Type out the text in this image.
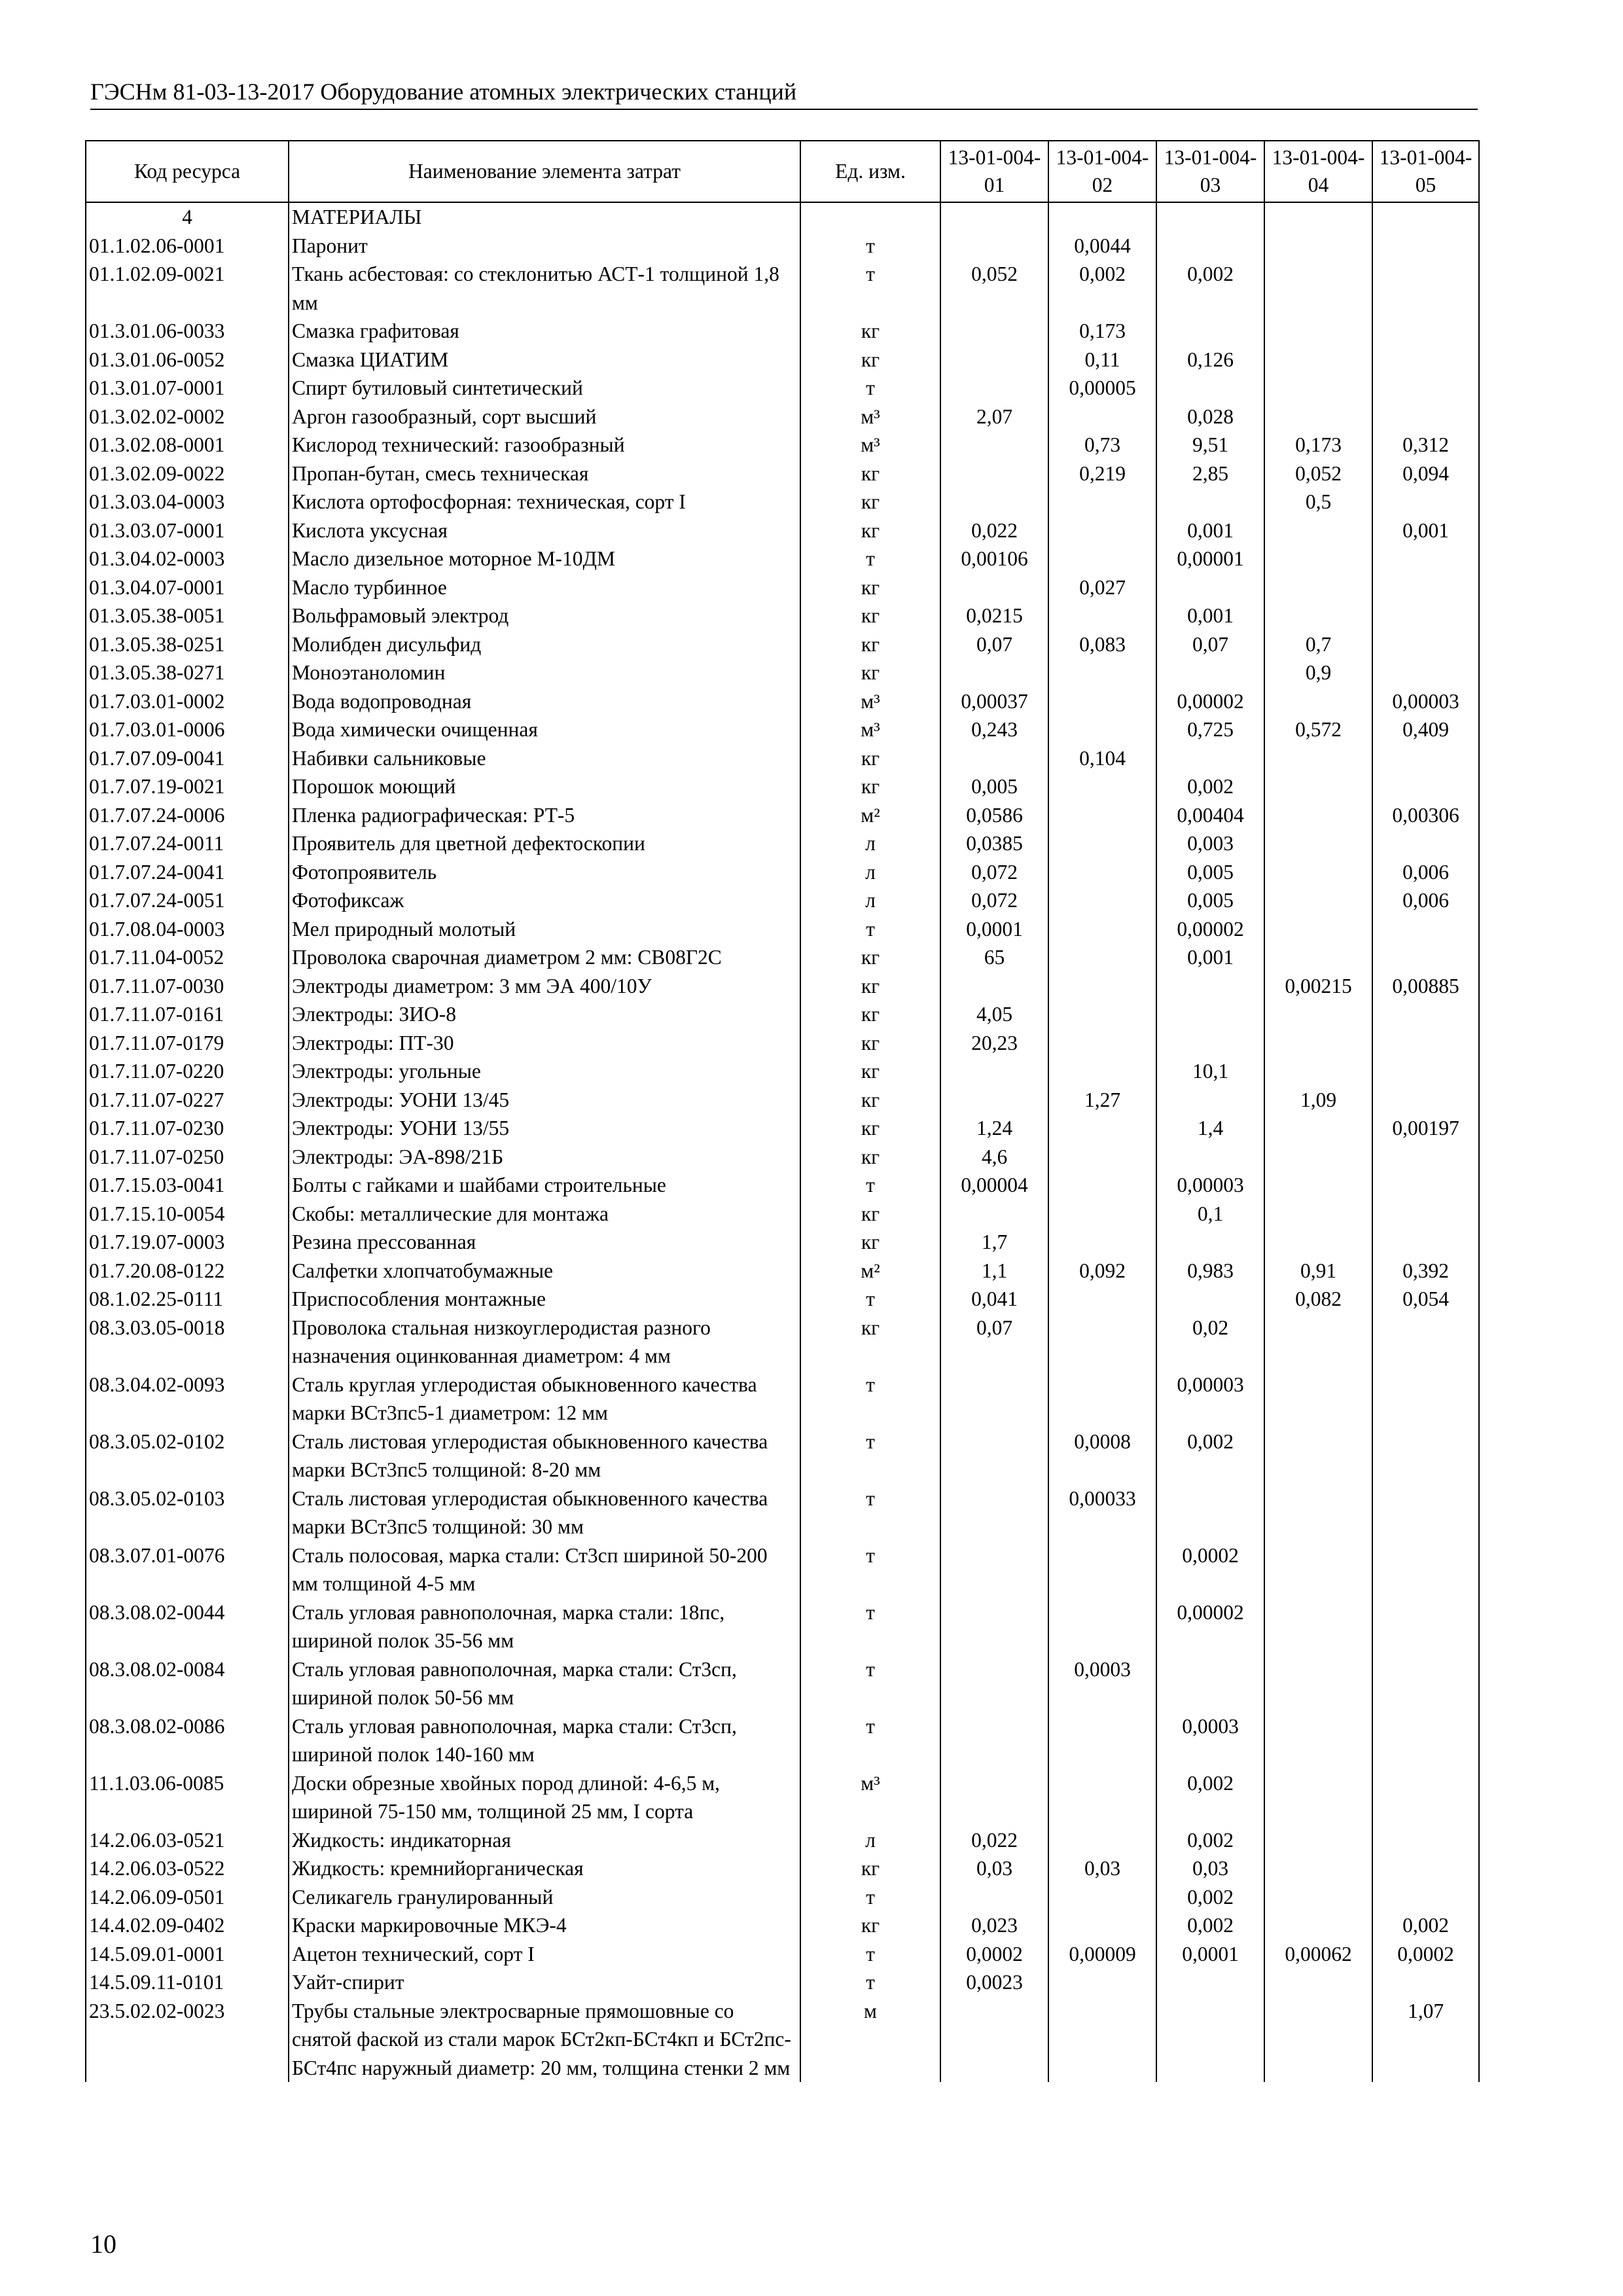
ГЭСНм 81-03-13-2017 Оборудование атомных электрических станций
Код ресурса	Наименование элемента затрат	Ед. изм.	13-01-004-01	13-01-004-02	13-01-004-03	13-01-004-04	13-01-004-05
4	МАТЕРИАЛЫ						
01.1.02.06-0001	Паронит	т		0,0044			
01.1.02.09-0021	Ткань асбестовая: со стеклонитью АСТ-1 толщиной 1,8 мм	т	0,052	0,002	0,002		
01.3.01.06-0033	Смазка графитовая	кг		0,173			
01.3.01.06-0052	Смазка ЦИАТИМ	кг		0,11	0,126		
01.3.01.07-0001	Спирт бутиловый синтетический	т		0,00005			
01.3.02.02-0002	Аргон газообразный, сорт высший	м³	2,07		0,028		
01.3.02.08-0001	Кислород технический: газообразный	м³		0,73	9,51	0,173	0,312
01.3.02.09-0022	Пропан-бутан, смесь техническая	кг		0,219	2,85	0,052	0,094
01.3.03.04-0003	Кислота ортофосфорная: техническая, сорт I	кг				0,5	
01.3.03.07-0001	Кислота уксусная	кг	0,022		0,001		0,001
01.3.04.02-0003	Масло дизельное моторное М-10ДМ	т	0,00106		0,00001		
01.3.04.07-0001	Масло турбинное	кг		0,027			
01.3.05.38-0051	Вольфрамовый электрод	кг	0,0215		0,001		
01.3.05.38-0251	Молибден дисульфид	кг	0,07	0,083	0,07	0,7	
01.3.05.38-0271	Моноэтаноломин	кг				0,9	
01.7.03.01-0002	Вода водопроводная	м³	0,00037		0,00002		0,00003
01.7.03.01-0006	Вода химически очищенная	м³	0,243		0,725	0,572	0,409
01.7.07.09-0041	Набивки сальниковые	кг		0,104			
01.7.07.19-0021	Порошок моющий	кг	0,005		0,002		
01.7.07.24-0006	Пленка радиографическая: РТ-5	м²	0,0586		0,00404		0,00306
01.7.07.24-0011	Проявитель для цветной дефектоскопии	л	0,0385		0,003		
01.7.07.24-0041	Фотопроявитель	л	0,072		0,005		0,006
01.7.07.24-0051	Фотофиксаж	л	0,072		0,005		0,006
01.7.08.04-0003	Мел природный молотый	т	0,0001		0,00002		
01.7.11.04-0052	Проволока сварочная диаметром 2 мм: СВ08Г2С	кг	65		0,001		
01.7.11.07-0030	Электроды диаметром: 3 мм ЭА 400/10У	кг				0,00215	0,00885
01.7.11.07-0161	Электроды: ЗИО-8	кг	4,05				
01.7.11.07-0179	Электроды: ПТ-30	кг	20,23				
01.7.11.07-0220	Электроды: угольные	кг			10,1		
01.7.11.07-0227	Электроды: УОНИ 13/45	кг		1,27		1,09	
01.7.11.07-0230	Электроды: УОНИ 13/55	кг	1,24		1,4		0,00197
01.7.11.07-0250	Электроды: ЭА-898/21Б	кг	4,6				
01.7.15.03-0041	Болты с гайками и шайбами строительные	т	0,00004		0,00003		
01.7.15.10-0054	Скобы: металлические для монтажа	кг			0,1		
01.7.19.07-0003	Резина прессованная	кг	1,7				
01.7.20.08-0122	Салфетки хлопчатобумажные	м²	1,1	0,092	0,983	0,91	0,392
08.1.02.25-0111	Приспособления монтажные	т	0,041			0,082	0,054
08.3.03.05-0018	Проволока стальная низкоуглеродистая разного назначения оцинкованная диаметром: 4 мм	кг	0,07		0,02		
08.3.04.02-0093	Сталь круглая углеродистая обыкновенного качества марки ВСт3пс5-1 диаметром: 12 мм	т			0,00003		
08.3.05.02-0102	Сталь листовая углеродистая обыкновенного качества марки ВСт3пс5 толщиной: 8-20 мм	т		0,0008	0,002		
08.3.05.02-0103	Сталь листовая углеродистая обыкновенного качества марки ВСт3пс5 толщиной: 30 мм	т		0,00033			
08.3.07.01-0076	Сталь полосовая, марка стали: Ст3сп шириной 50-200 мм толщиной 4-5 мм	т			0,0002		
08.3.08.02-0044	Сталь угловая равнополочная, марка стали: 18пс, шириной полок 35-56 мм	т			0,00002		
08.3.08.02-0084	Сталь угловая равнополочная, марка стали: Ст3сп, шириной полок 50-56 мм	т		0,0003			
08.3.08.02-0086	Сталь угловая равнополочная, марка стали: Ст3сп, шириной полок 140-160 мм	т			0,0003		
11.1.03.06-0085	Доски обрезные хвойных пород длиной: 4-6,5 м, шириной 75-150 мм, толщиной 25 мм, I сорта	м³			0,002		
14.2.06.03-0521	Жидкость: индикаторная	л	0,022		0,002		
14.2.06.03-0522	Жидкость: кремнийорганическая	кг	0,03	0,03	0,03		
14.2.06.09-0501	Селикагель гранулированный	т			0,002		
14.4.02.09-0402	Краски маркировочные МКЭ-4	кг	0,023		0,002		0,002
14.5.09.01-0001	Ацетон технический, сорт I	т	0,0002	0,00009	0,0001	0,00062	0,0002
14.5.09.11-0101	Уайт-спирит	т	0,0023				
23.5.02.02-0023	Трубы стальные электросварные прямошовные со снятой фаской из стали марок БСт2кп-БСт4кп и БСт2пс-БСт4пс наружный диаметр: 20 мм, толщина стенки 2 мм	м					1,07
10
